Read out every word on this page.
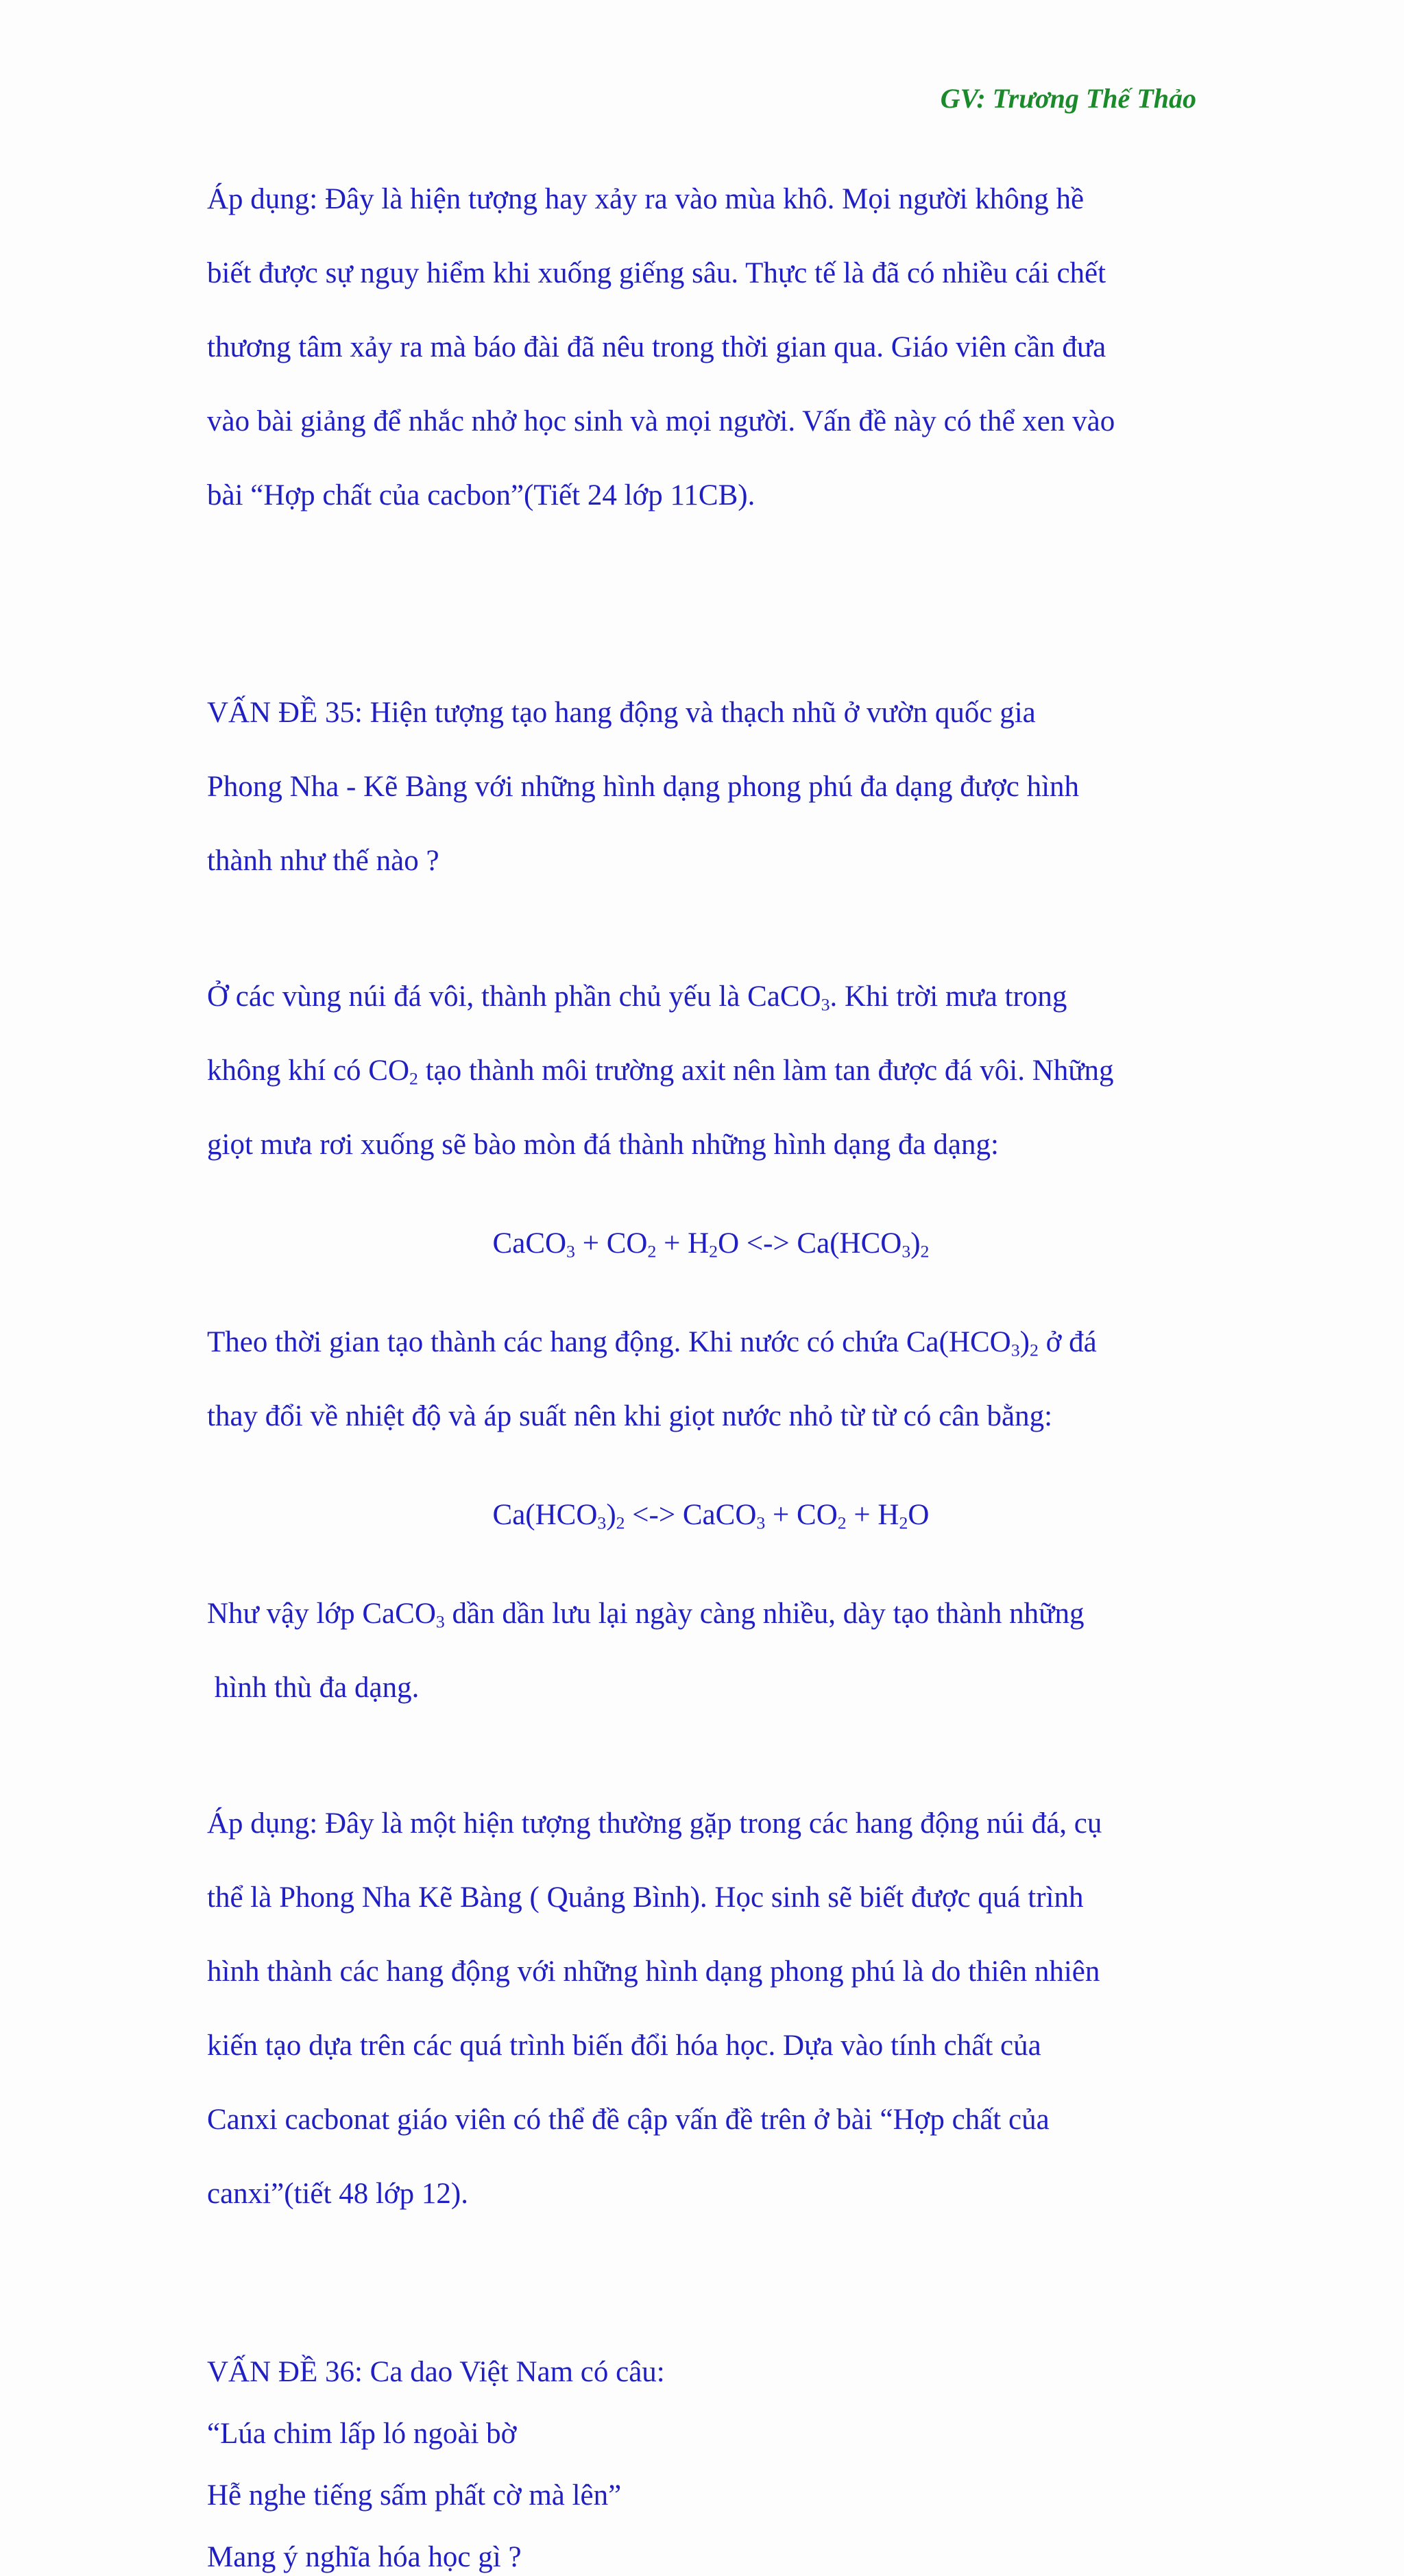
GV: Trương Thế Thảo

Áp dụng: Đây là hiện tượng hay xảy ra vào mùa khô. Mọi người không hề

biết được sự nguy hiểm khi xuống giếng sâu. Thực tế là đã có nhiều cái chết

thương tâm xảy ra mà báo đài đã nêu trong thời gian qua. Giáo viên cần đưa

vào bài giảng để nhắc nhở học sinh và mọi người. Vấn đề này có thể xen vào

bài “Hợp chất của cacbon”(Tiết 24 lớp 11CB).

VẤN ĐỀ 35: Hiện tượng tạo hang động và thạch nhũ ở vườn quốc gia

Phong Nha - Kẽ Bàng với những hình dạng phong phú đa dạng được hình

thành như thế nào ?

Ở các vùng núi đá vôi, thành phần chủ yếu là CaCO$_3$. Khi trời mưa trong

không khí có $CO_2$ tạo thành môi trường axit nên làm tan được đá vôi. Những

giọt mưa rơi xuống sẽ bào mòn đá thành những hình dạng đa dạng:

CaCO$_3$ + $CO_2 + H_2O$ <-> $Ca(HCO_3)_2$

Theo thời gian tạo thành các hang động. Khi nước có chứa $Ca(HCO_3)_2$ ở đá

thay đổi về nhiệt độ và áp suất nên khi giọt nước nhỏ từ từ có cân bằng:

$Ca(HCO_3)_2$ <-> CaCO$_3$ + $CO_2 + H_2O$

Như vậy lớp CaCO$_3$ dần dần lưu lại ngày càng nhiều, dày tạo thành những

hình thù đa dạng.

Áp dụng: Đây là một hiện tượng thường gặp trong các hang động núi đá, cụ

thể là Phong Nha Kẽ Bàng ( Quảng Bình). Học sinh sẽ biết được quá trình

hình thành các hang động với những hình dạng phong phú là do thiên nhiên

kiến tạo dựa trên các quá trình biến đổi hóa học. Dựa vào tính chất của

Canxi cacbonat giáo viên có thể đề cập vấn đề trên ở bài “Hợp chất của

canxi”(tiết 48 lớp 12).

VẤN ĐỀ 36: Ca dao Việt Nam có câu:

“Lúa chim lấp ló ngoài bờ

Hễ nghe tiếng sấm phất cờ mà lên”

Mang ý nghĩa hóa học gì ?
